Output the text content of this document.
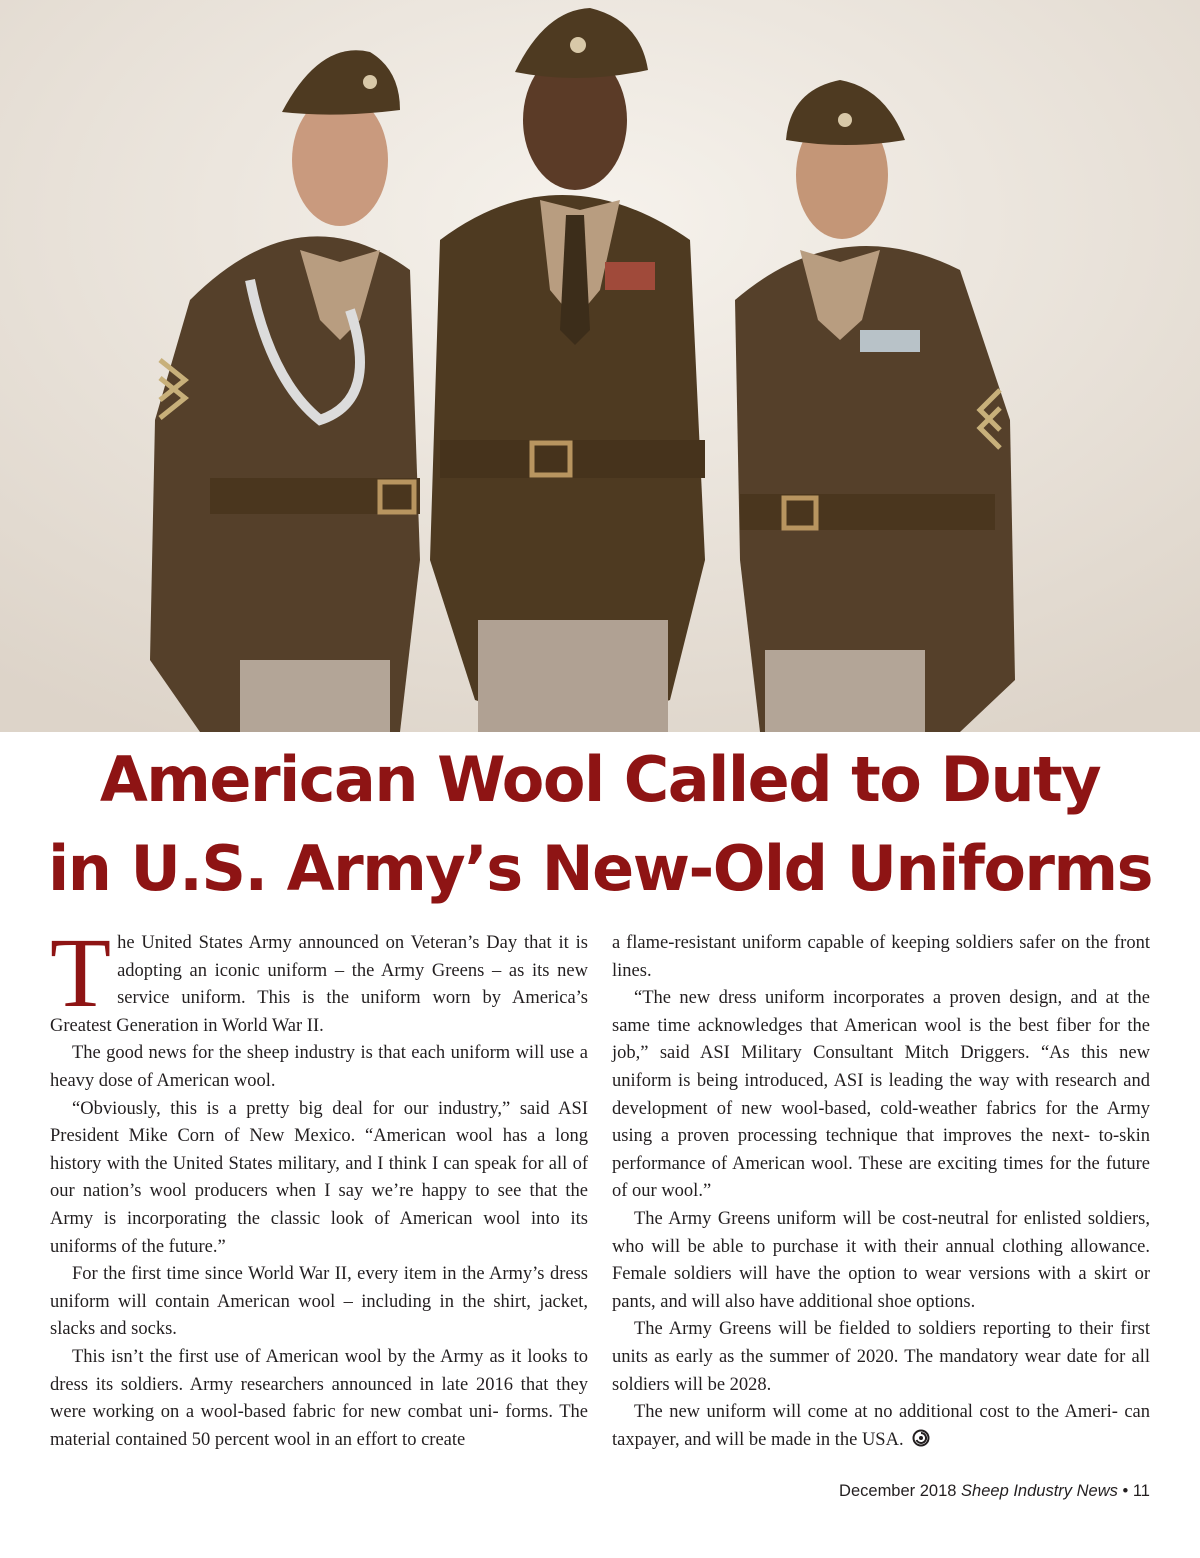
American Wool Called to Duty
in U.S. Army’s New-Old Uniforms

The United States Army announced on Veteran’s Day that it is adopting an iconic uniform – the Army Greens – as its new service uniform. This is the uniform worn by America’s Greatest Generation in World War II.

The good news for the sheep industry is that each uniform will use a heavy dose of American wool.

“Obviously, this is a pretty big deal for our industry,” said ASI President Mike Corn of New Mexico. “American wool has a long history with the United States military, and I think I can speak for all of our nation’s wool producers when I say we’re happy to see that the Army is incorporating the classic look of American wool into its uniforms of the future.”

For the first time since World War II, every item in the Army’s dress uniform will contain American wool – including in the shirt, jacket, slacks and socks.

This isn’t the first use of American wool by the Army as it looks to dress its soldiers. Army researchers announced in late 2016 that they were working on a wool-based fabric for new combat uni- forms. The material contained 50 percent wool in an effort to create

a flame-resistant uniform capable of keeping soldiers safer on the front lines.

“The new dress uniform incorporates a proven design, and at the same time acknowledges that American wool is the best fiber for the job,” said ASI Military Consultant Mitch Driggers. “As this new uniform is being introduced, ASI is leading the way with research and development of new wool-based, cold-weather fabrics for the Army using a proven processing technique that improves the next- to-skin performance of American wool. These are exciting times for the future of our wool.”

The Army Greens uniform will be cost-neutral for enlisted soldiers, who will be able to purchase it with their annual clothing allowance. Female soldiers will have the option to wear versions with a skirt or pants, and will also have additional shoe options.

The Army Greens will be fielded to soldiers reporting to their first units as early as the summer of 2020. The mandatory wear date for all soldiers will be 2028.

The new uniform will come at no additional cost to the Ameri- can taxpayer, and will be made in the USA.

December 2018 Sheep Industry News • 11
